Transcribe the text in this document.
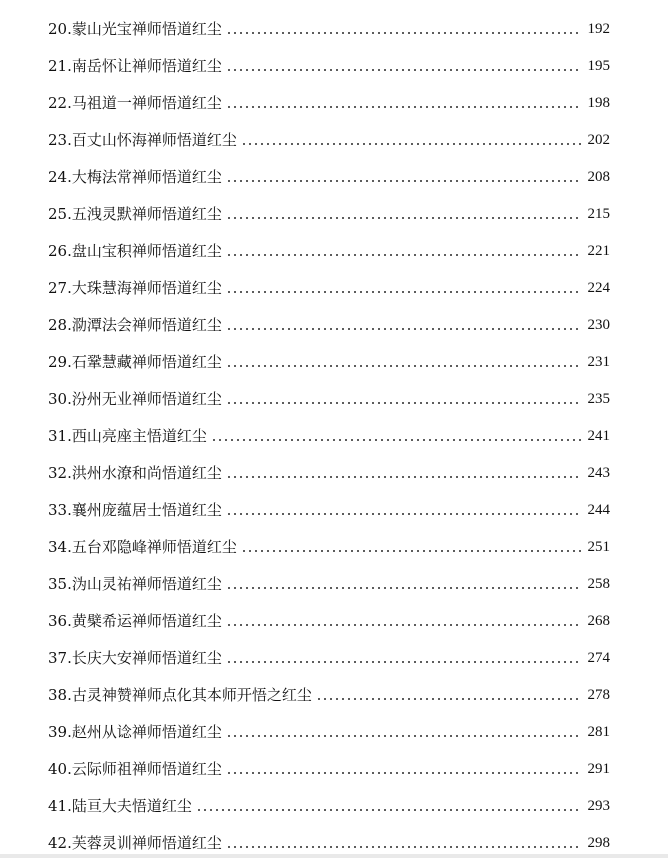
20. 蒙山光宝禅师悟道红尘	192
21. 南岳怀让禅师悟道红尘	195
22. 马祖道一禅师悟道红尘	198
23. 百丈山怀海禅师悟道红尘	202
24. 大梅法常禅师悟道红尘	208
25. 五洩灵默禅师悟道红尘	215
26. 盘山宝积禅师悟道红尘	221
27. 大珠慧海禅师悟道红尘	224
28. 泐潭法会禅师悟道红尘	230
29. 石鞏慧藏禅师悟道红尘	231
30. 汾州无业禅师悟道红尘	235
31. 西山亮座主悟道红尘	241
32. 洪州水潦和尚悟道红尘	243
33. 襄州庞蕴居士悟道红尘	244
34. 五台邓隐峰禅师悟道红尘	251
35. 沩山灵祐禅师悟道红尘	258
36. 黄檗希运禅师悟道红尘	268
37. 长庆大安禅师悟道红尘	274
38. 古灵神赞禅师点化其本师开悟之红尘	278
39. 赵州从谂禅师悟道红尘	281
40. 云际师祖禅师悟道红尘	291
41. 陆亘大夫悟道红尘	293
42. 芙蓉灵训禅师悟道红尘	298
